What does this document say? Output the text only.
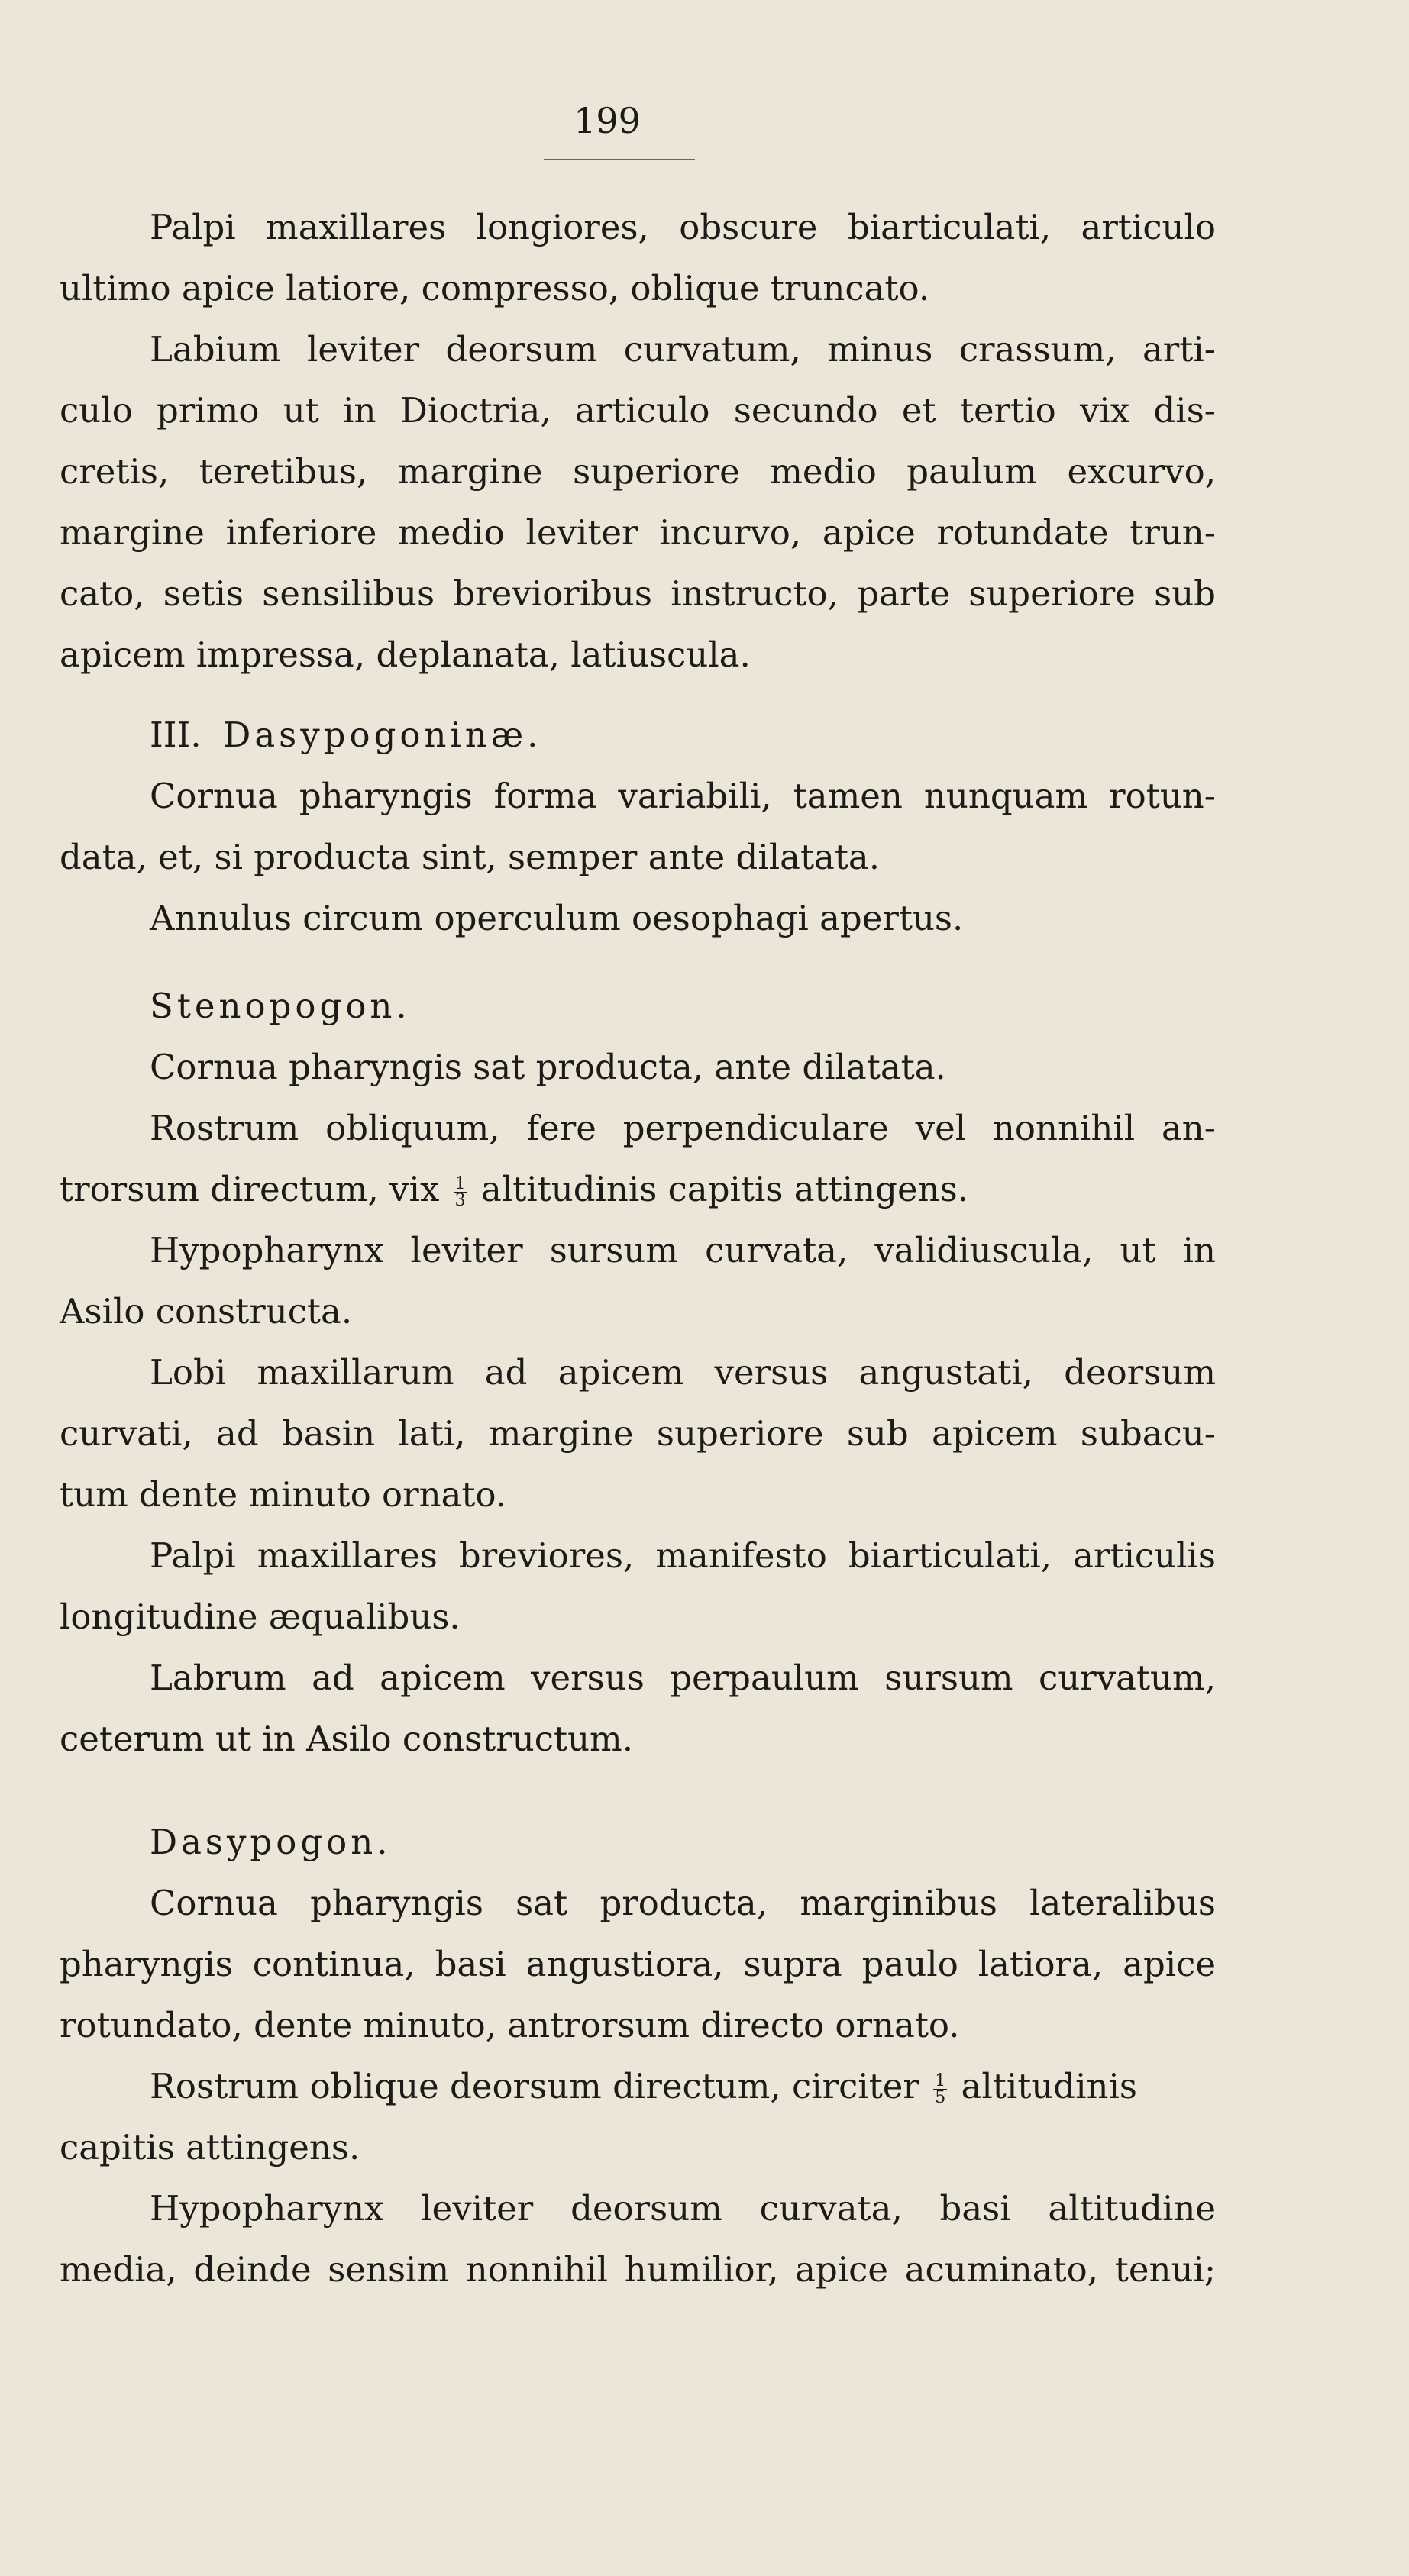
199

Palpi maxillares longiores, obscure biarticulati, articulo

ultimo apice latiore, compresso, oblique truncato.

Labium leviter deorsum curvatum, minus crassum, arti-

culo primo ut in Dioctria, articulo secundo et tertio vix dis-

cretis, teretibus, margine superiore medio paulum excurvo,

margine inferiore medio leviter incurvo, apice rotundate trun-

cato, setis sensilibus brevioribus instructo, parte superiore sub

apicem impressa, deplanata, latiuscula.

III. Dasypogoninæ.

Cornua pharyngis forma variabili, tamen nunquam rotun-

data, et, si producta sint, semper ante dilatata.

Annulus circum operculum oesophagi apertus.

Stenopogon.

Cornua pharyngis sat producta, ante dilatata.

Rostrum obliquum, fere perpendiculare vel nonnihil an-

trorsum directum, vix $\frac{1}{3}$ altitudinis capitis attingens.

Hypopharynx leviter sursum curvata, validiuscula, ut in

Asilo constructa.

Lobi maxillarum ad apicem versus angustati, deorsum

curvati, ad basin lati, margine superiore sub apicem subacu-

tum dente minuto ornato.

Palpi maxillares breviores, manifesto biarticulati, articulis

longitudine æqualibus.

Labrum ad apicem versus perpaulum sursum curvatum,

ceterum ut in Asilo constructum.

Dasypogon.

Cornua pharyngis sat producta, marginibus lateralibus

pharyngis continua, basi angustiora, supra paulo latiora, apice

rotundato, dente minuto, antrorsum directo ornato.

Rostrum oblique deorsum directum, circiter $\frac{1}{5}$ altitudinis

capitis attingens.

Hypopharynx leviter deorsum curvata, basi altitudine

media, deinde sensim nonnihil humilior, apice acuminato, tenui;
